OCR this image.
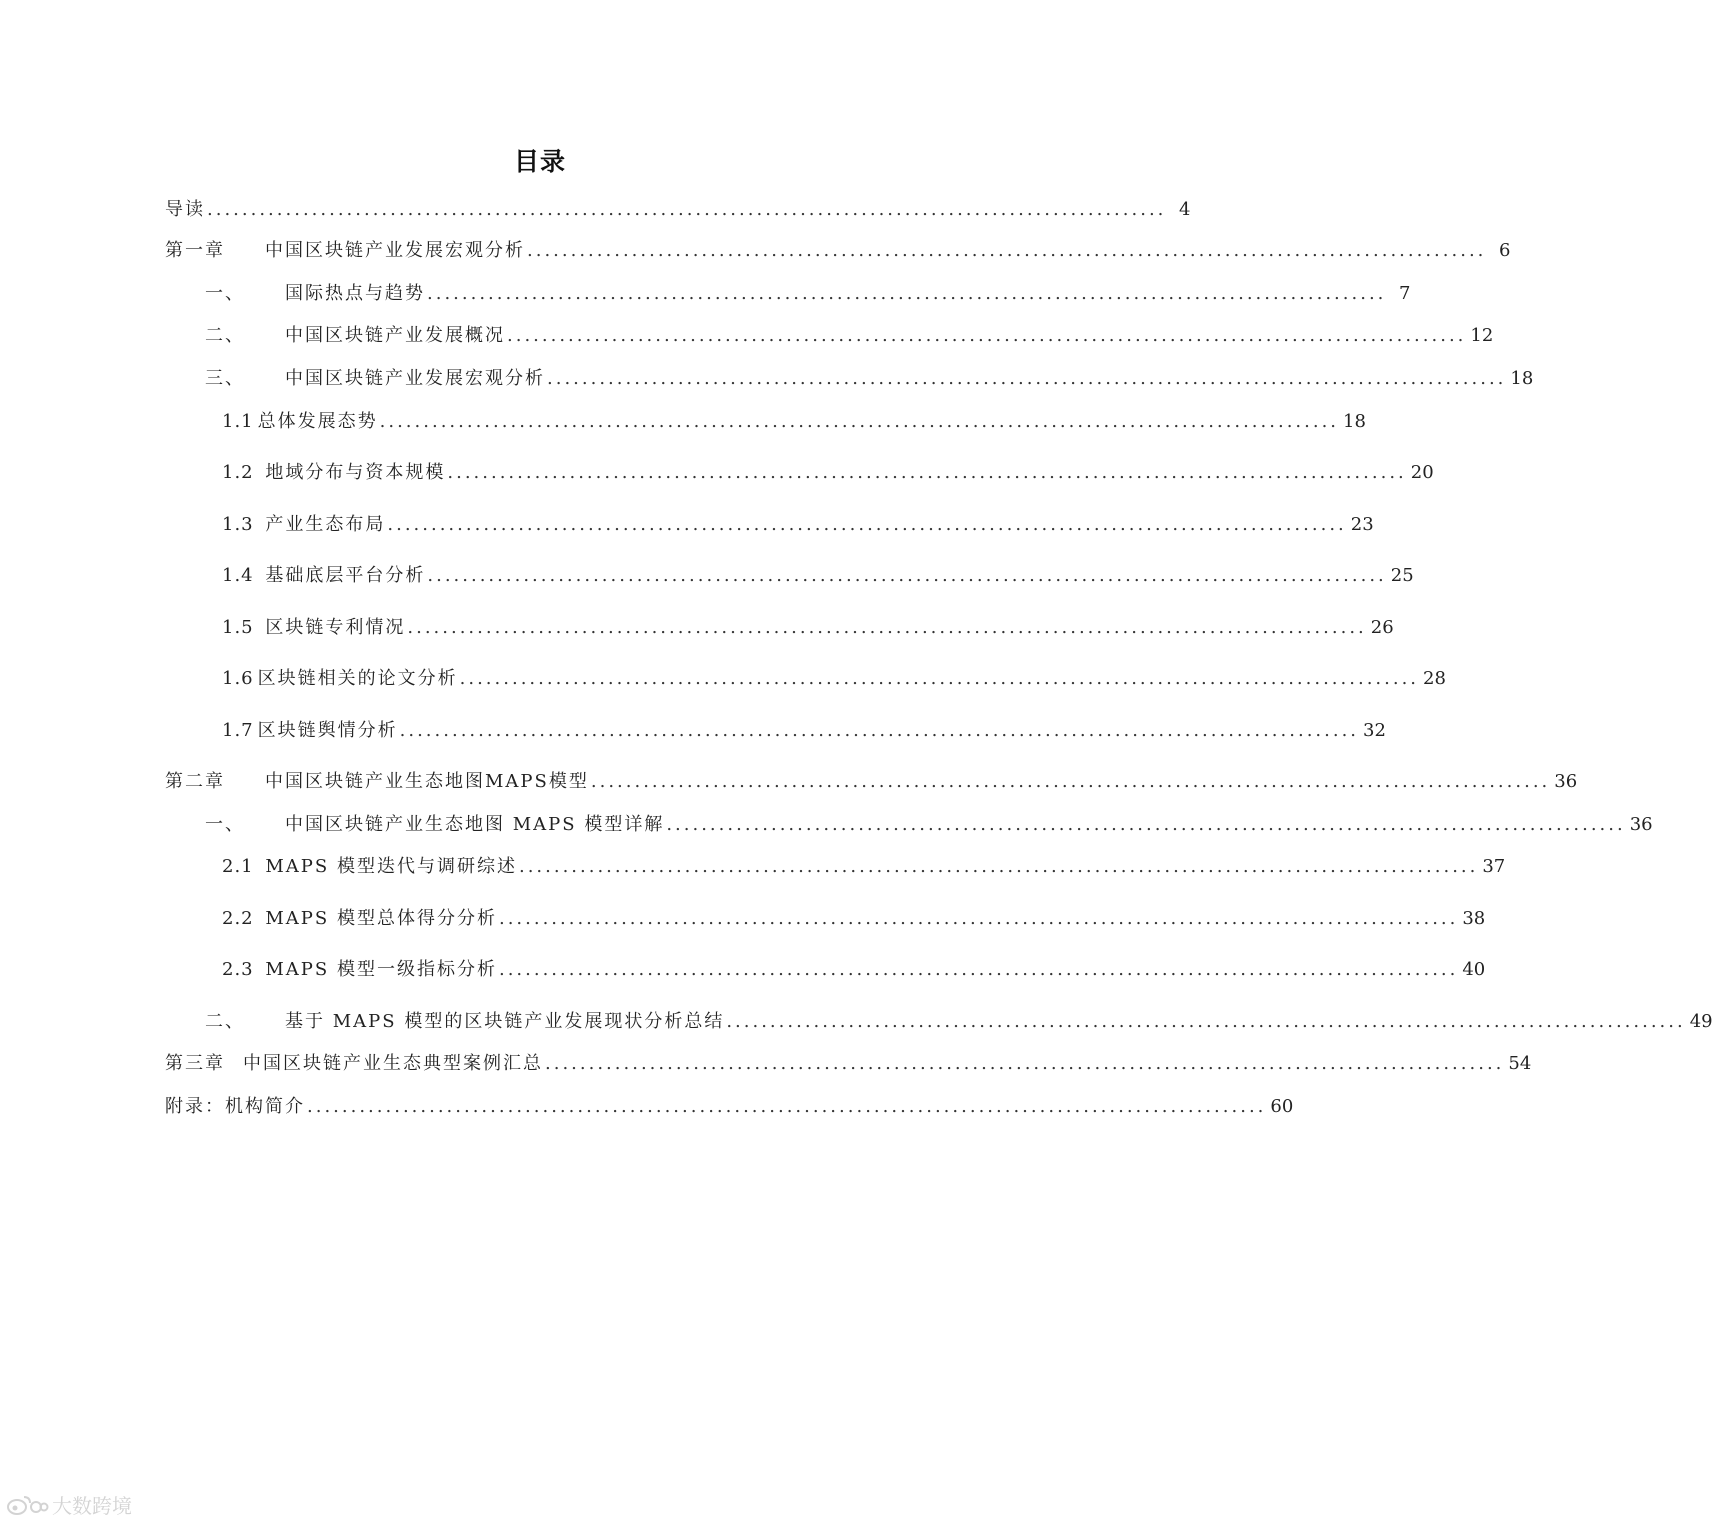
目录
导读 .............................................................................................................. 4
第一章 中国区块链产业发展宏观分析 .............................................................................................................. 6
一、 国际热点与趋势 .............................................................................................................. 7
二、 中国区块链产业发展概况 .............................................................................................................. 12
三、 中国区块链产业发展宏观分析 .............................................................................................................. 18
1.1 总体发展态势 .............................................................................................................. 18
1.2 地域分布与资本规模 .............................................................................................................. 20
1.3 产业生态布局 .............................................................................................................. 23
1.4 基础底层平台分析 .............................................................................................................. 25
1.5 区块链专利情况 .............................................................................................................. 26
1.6 区块链相关的论文分析 .............................................................................................................. 28
1.7 区块链舆情分析 .............................................................................................................. 32
第二章 中国区块链产业生态地图MAPS模型 .............................................................................................................. 36
一、 中国区块链产业生态地图 MAPS 模型详解 .............................................................................................................. 36
2.1 MAPS 模型迭代与调研综述 .............................................................................................................. 37
2.2 MAPS 模型总体得分分析 .............................................................................................................. 38
2.3 MAPS 模型一级指标分析 .............................................................................................................. 40
二、 基于 MAPS 模型的区块链产业发展现状分析总结 .............................................................................................................. 49
第三章 中国区块链产业生态典型案例汇总 .............................................................................................................. 54
附录：机构简介 .............................................................................................................. 60
大数跨境
